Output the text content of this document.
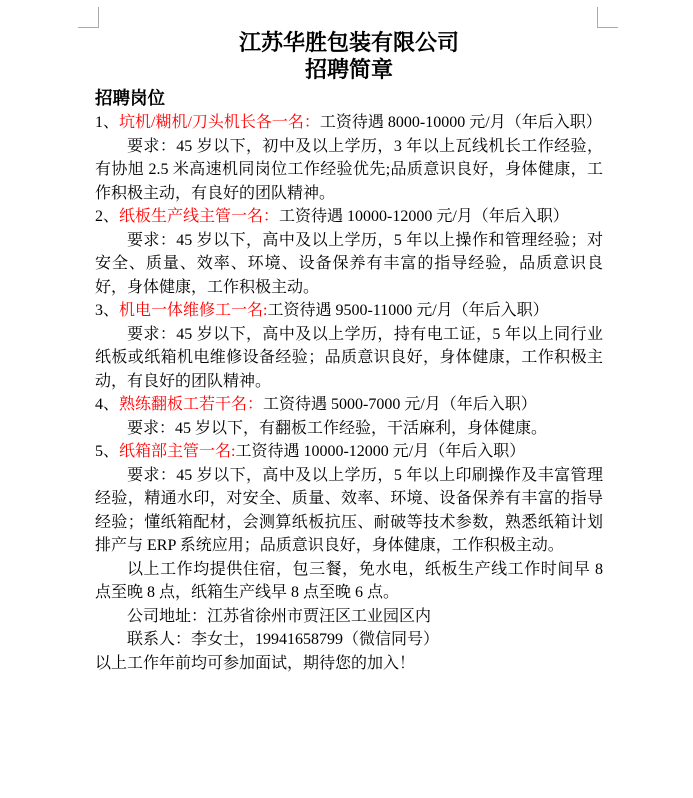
江苏华胜包装有限公司
招聘简章

招聘岗位

1、坑机/糊机/刀头机长各一名：工资待遇 8000-10000 元/月（年后入职）

要求：45 岁以下，初中及以上学历，3 年以上瓦线机长工作经验，有协旭 2.5 米高速机同岗位工作经验优先;品质意识良好，身体健康，工作积极主动，有良好的团队精神。

2、纸板生产线主管一名：工资待遇 10000-12000 元/月（年后入职）

要求：45 岁以下，高中及以上学历，5 年以上操作和管理经验；对安全、质量、效率、环境、设备保养有丰富的指导经验，品质意识良好，身体健康，工作积极主动。

3、机电一体维修工一名:工资待遇 9500-11000 元/月（年后入职）

要求：45 岁以下，高中及以上学历，持有电工证，5 年以上同行业纸板或纸箱机电维修设备经验；品质意识良好，身体健康，工作积极主动，有良好的团队精神。

4、熟练翻板工若干名：工资待遇 5000-7000 元/月（年后入职）

要求：45 岁以下，有翻板工作经验，干活麻利，身体健康。

5、纸箱部主管一名:工资待遇 10000-12000 元/月（年后入职）

要求：45 岁以下，高中及以上学历，5 年以上印刷操作及丰富管理经验，精通水印，对安全、质量、效率、环境、设备保养有丰富的指导经验；懂纸箱配材，会测算纸板抗压、耐破等技术参数，熟悉纸箱计划排产与 ERP 系统应用；品质意识良好，身体健康，工作积极主动。

以上工作均提供住宿，包三餐，免水电，纸板生产线工作时间早 8 点至晚 8 点，纸箱生产线早 8 点至晚 6 点。

公司地址：江苏省徐州市贾汪区工业园区内

联系人：李女士，19941658799（微信同号）

以上工作年前均可参加面试，期待您的加入！
